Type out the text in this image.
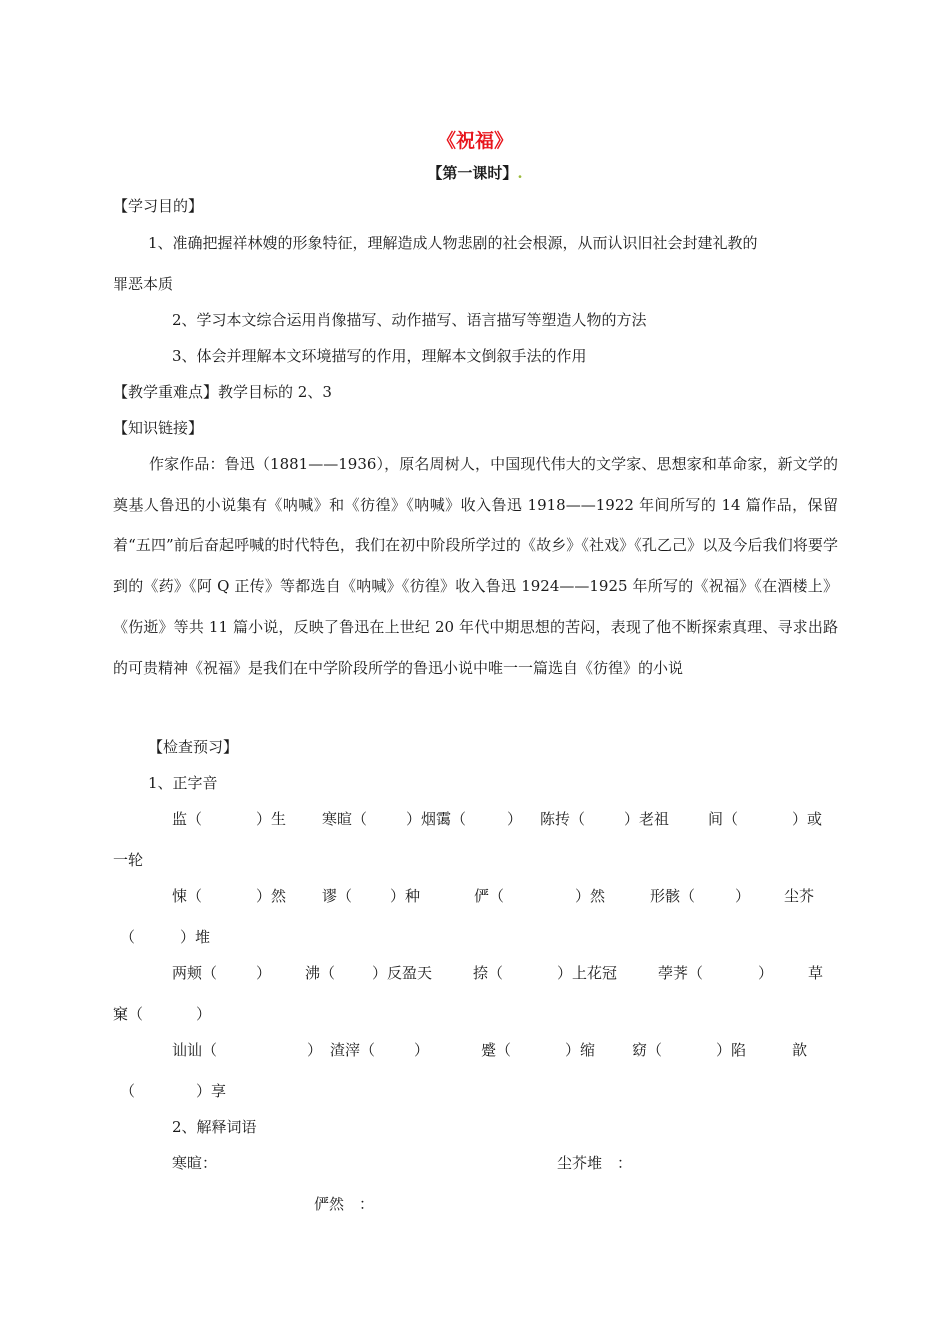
《祝福》
【第一课时】.
【学习目的】
1、准确把握祥林嫂的形象特征，理解造成人物悲剧的社会根源，从而认识旧社会封建礼教的
罪恶本质
2、学习本文综合运用肖像描写、动作描写、语言描写等塑造人物的方法
3、体会并理解本文环境描写的作用，理解本文倒叙手法的作用
【教学重难点】教学目标的 2、3
【知识链接】

作家作品：鲁迅（1881——1936），原名周树人，中国现代伟大的文学家、思想家和革命家，新文学的奠基人鲁迅的小说集有《呐喊》和《彷徨》《呐喊》收入鲁迅 1918——1922 年间所写的 14 篇作品，保留着“五四”前后奋起呼喊的时代特色，我们在初中阶段所学过的《故乡》《社戏》《孔乙己》以及今后我们将要学到的《药》《阿 Q 正传》等都选自《呐喊》《彷徨》收入鲁迅 1924——1925 年所写的《祝福》《在酒楼上》《伤逝》等共 11 篇小说，反映了鲁迅在上世纪 20 年代中期思想的苦闷，表现了他不断探索真理、寻求出路的可贵精神《祝福》是我们在中学阶段所学的鲁迅小说中唯一一篇选自《彷徨》的小说

【检查预习】
1、正字音
监（	）生 寒暄（	）烟霭（	） 陈抟（	）老祖	间（	）或
一轮
悚（	）然 谬（	）种	俨（	）然	形骸（	） 尘芥
（	）堆
两颊（	） 沸（ ）反盈天	捺（	）上花冠	荸荠（	） 草
窠（	）
讪讪（	） 渣滓（	）	蹙（	）缩 窈（	）陷	歆
（	）享
2、解释词语
寒暄：	尘芥堆　：
俨然　：
